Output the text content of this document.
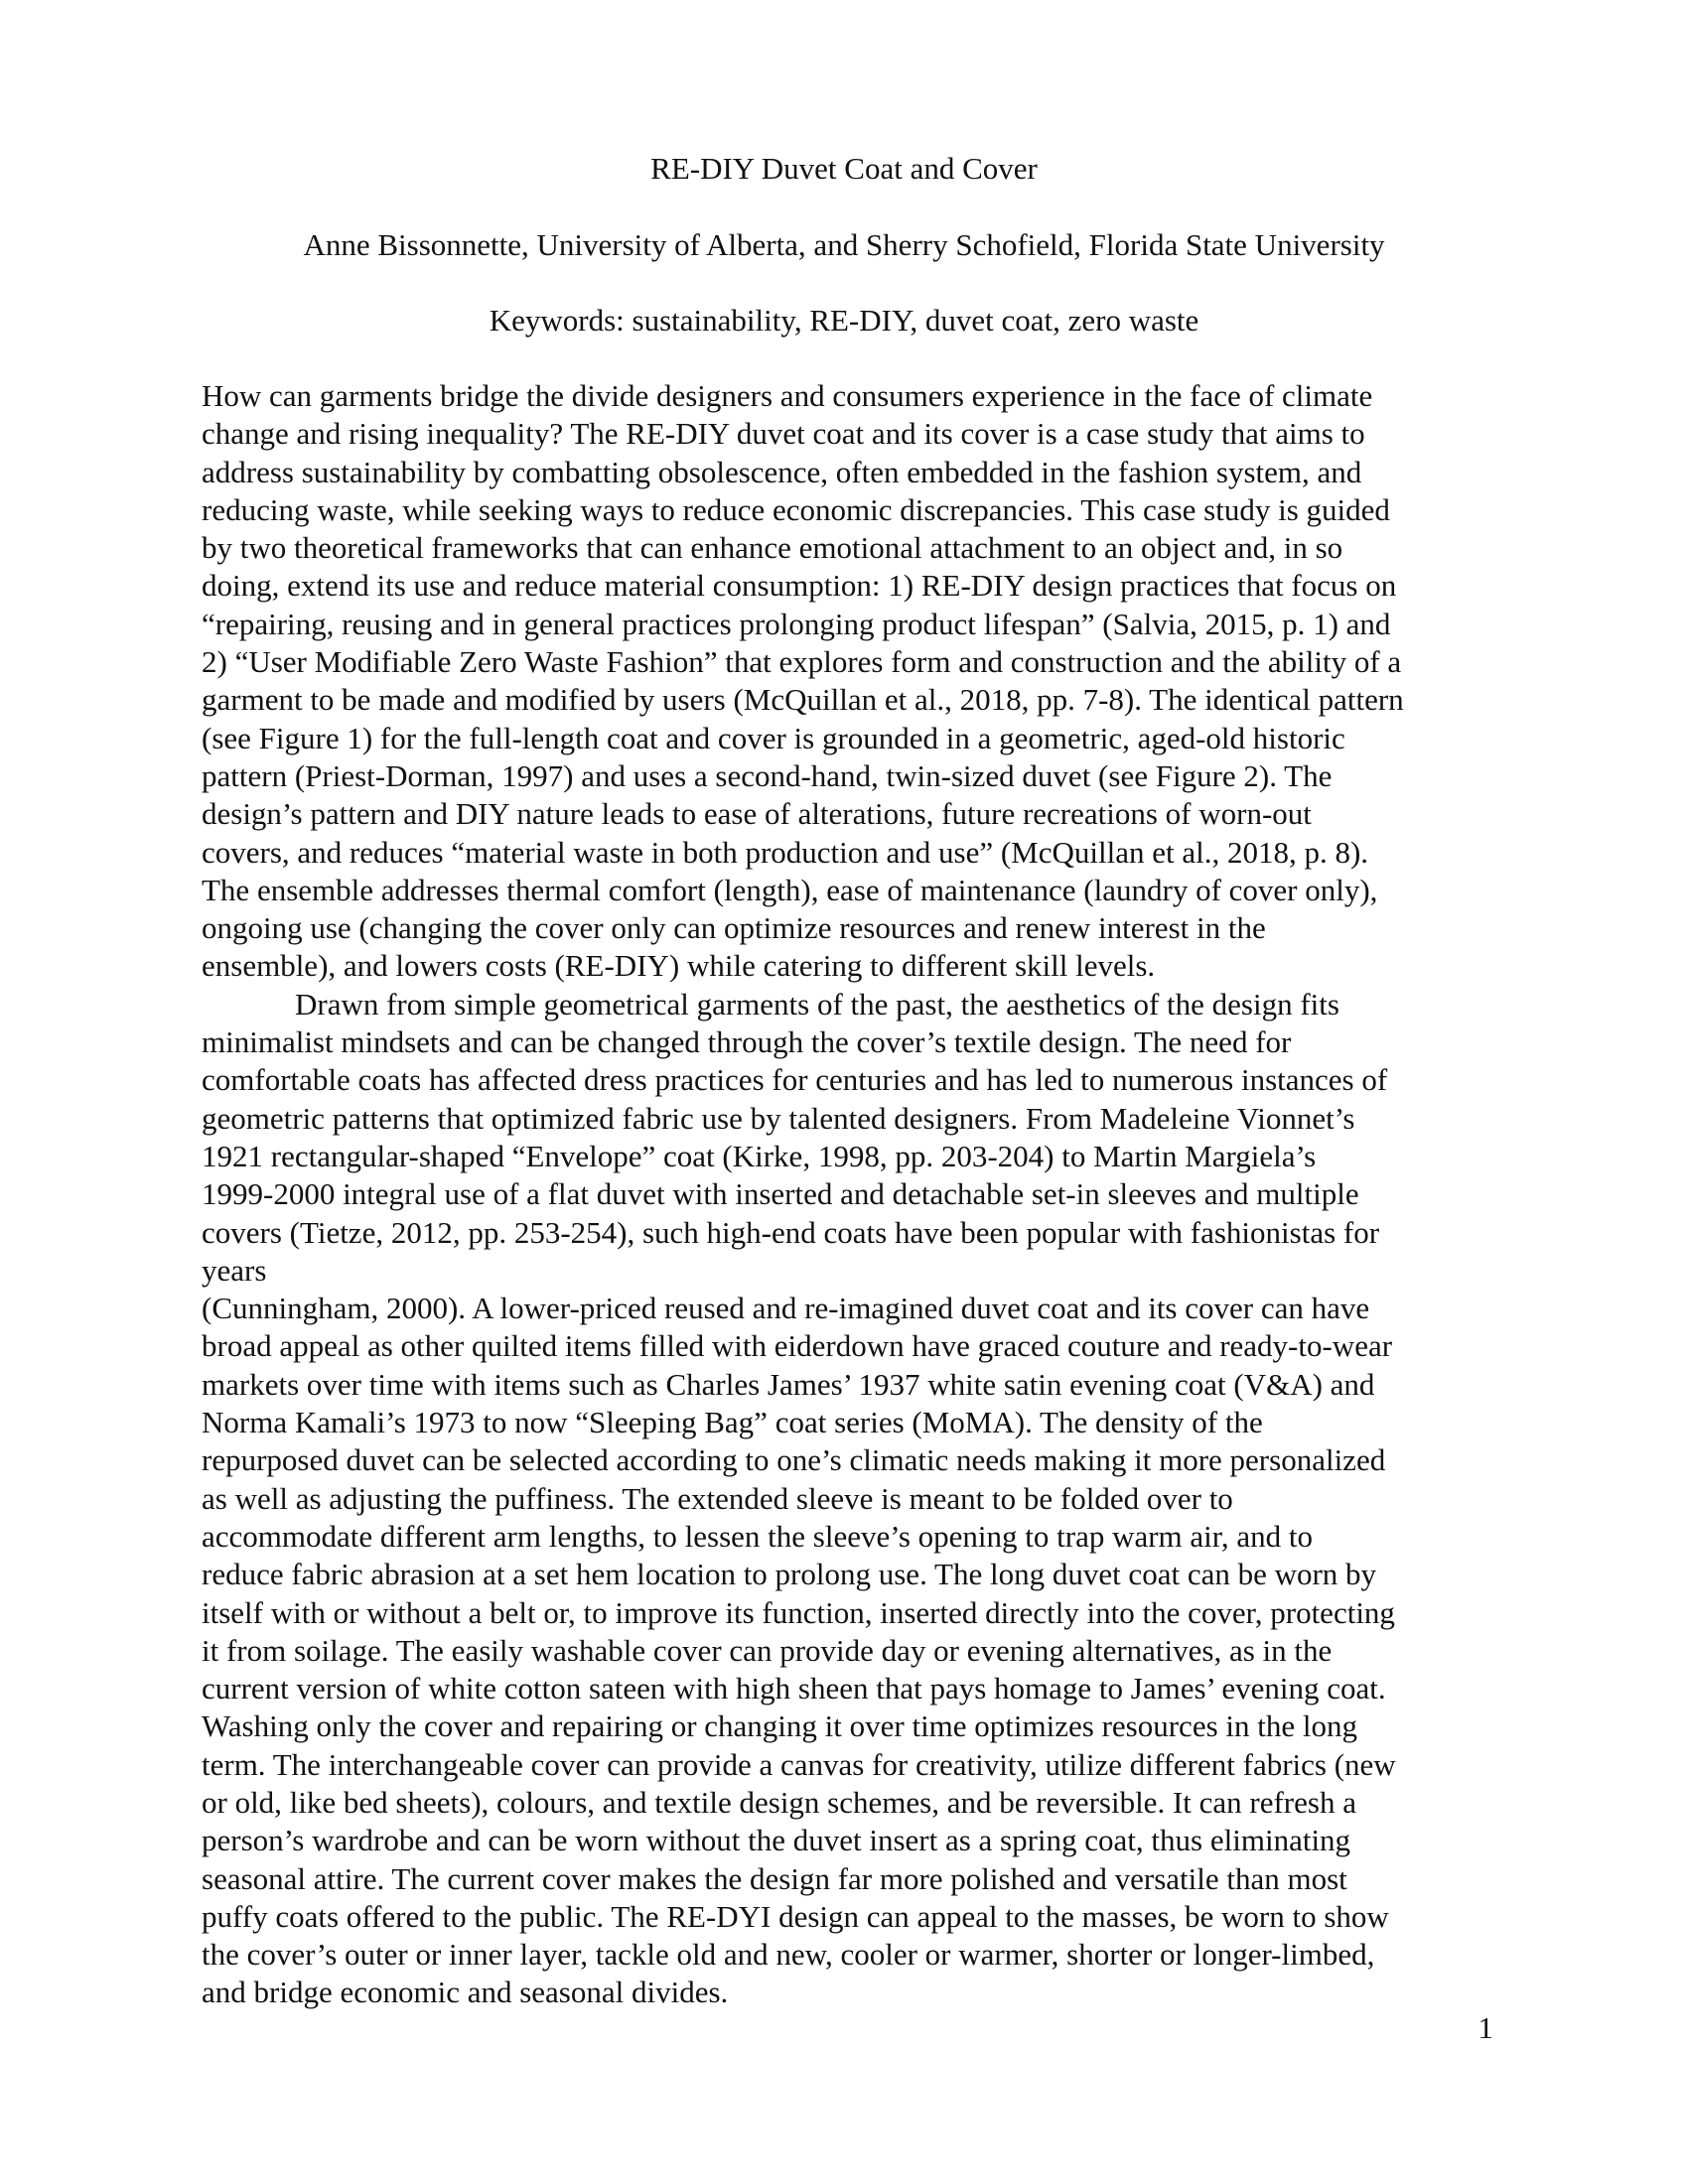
RE-DIY Duvet Coat and Cover
Anne Bissonnette, University of Alberta, and Sherry Schofield, Florida State University
Keywords: sustainability, RE-DIY, duvet coat, zero waste
How can garments bridge the divide designers and consumers experience in the face of climate
change and rising inequality? The RE-DIY duvet coat and its cover is a case study that aims to
address sustainability by combatting obsolescence, often embedded in the fashion system, and
reducing waste, while seeking ways to reduce economic discrepancies. This case study is guided
by two theoretical frameworks that can enhance emotional attachment to an object and, in so
doing, extend its use and reduce material consumption: 1) RE-DIY design practices that focus on
“repairing, reusing and in general practices prolonging product lifespan” (Salvia, 2015, p. 1) and
2) “User Modifiable Zero Waste Fashion” that explores form and construction and the ability of a
garment to be made and modified by users (McQuillan et al., 2018, pp. 7-8). The identical pattern
(see Figure 1) for the full-length coat and cover is grounded in a geometric, aged-old historic
pattern (Priest-Dorman, 1997) and uses a second-hand, twin-sized duvet (see Figure 2). The
design’s pattern and DIY nature leads to ease of alterations, future recreations of worn-out
covers, and reduces “material waste in both production and use” (McQuillan et al., 2018, p. 8).
The ensemble addresses thermal comfort (length), ease of maintenance (laundry of cover only),
ongoing use (changing the cover only can optimize resources and renew interest in the
ensemble), and lowers costs (RE-DIY) while catering to different skill levels.
Drawn from simple geometrical garments of the past, the aesthetics of the design fits
minimalist mindsets and can be changed through the cover’s textile design. The need for
comfortable coats has affected dress practices for centuries and has led to numerous instances of
geometric patterns that optimized fabric use by talented designers. From Madeleine Vionnet’s
1921 rectangular-shaped “Envelope” coat (Kirke, 1998, pp. 203-204) to Martin Margiela’s
1999-2000 integral use of a flat duvet with inserted and detachable set-in sleeves and multiple
covers (Tietze, 2012, pp. 253-254), such high-end coats have been popular with fashionistas for
years
(Cunningham, 2000). A lower-priced reused and re-imagined duvet coat and its cover can have
broad appeal as other quilted items filled with eiderdown have graced couture and ready-to-wear
markets over time with items such as Charles James’ 1937 white satin evening coat (V&A) and
Norma Kamali’s 1973 to now “Sleeping Bag” coat series (MoMA). The density of the
repurposed duvet can be selected according to one’s climatic needs making it more personalized
as well as adjusting the puffiness. The extended sleeve is meant to be folded over to
accommodate different arm lengths, to lessen the sleeve’s opening to trap warm air, and to
reduce fabric abrasion at a set hem location to prolong use. The long duvet coat can be worn by
itself with or without a belt or, to improve its function, inserted directly into the cover, protecting
it from soilage. The easily washable cover can provide day or evening alternatives, as in the
current version of white cotton sateen with high sheen that pays homage to James’ evening coat.
Washing only the cover and repairing or changing it over time optimizes resources in the long
term. The interchangeable cover can provide a canvas for creativity, utilize different fabrics (new
or old, like bed sheets), colours, and textile design schemes, and be reversible. It can refresh a
person’s wardrobe and can be worn without the duvet insert as a spring coat, thus eliminating
seasonal attire. The current cover makes the design far more polished and versatile than most
puffy coats offered to the public. The RE-DYI design can appeal to the masses, be worn to show
the cover’s outer or inner layer, tackle old and new, cooler or warmer, shorter or longer-limbed,
and bridge economic and seasonal divides.
1
